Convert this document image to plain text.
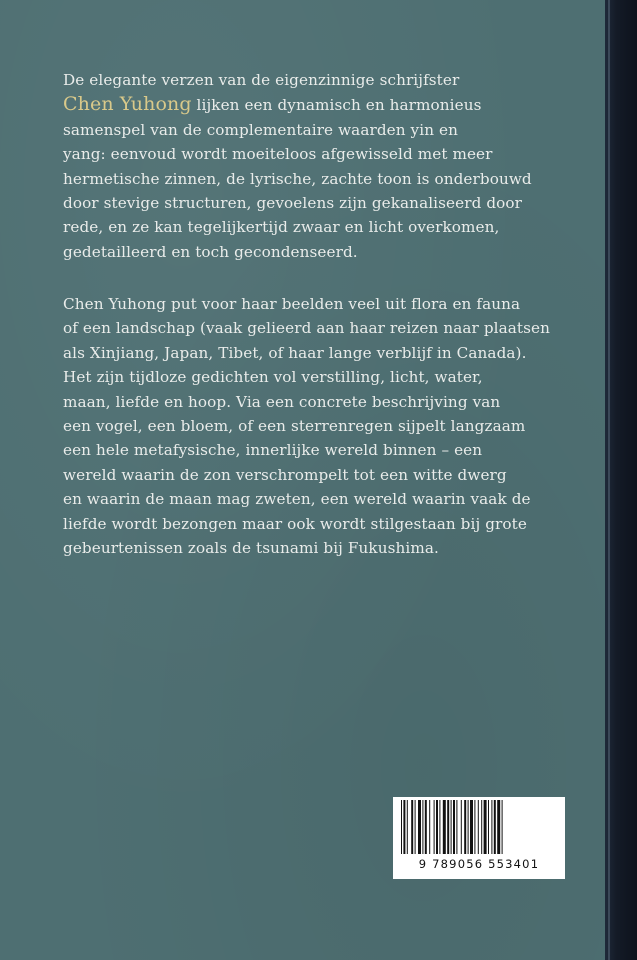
De elegante verzen van de eigenzinnige schrijfster
Chen Yuhong lijken een dynamisch en harmonieus
samenspel van de complementaire waarden yin en
yang: eenvoud wordt moeiteloos afgewisseld met meer
hermetische zinnen, de lyrische, zachte toon is onderbouwd
door stevige structuren, gevoelens zijn gekanaliseerd door
rede, en ze kan tegelijkertijd zwaar en licht overkomen,
gedetailleerd en toch gecondenseerd.
Chen Yuhong put voor haar beelden veel uit flora en fauna
of een landschap (vaak gelieerd aan haar reizen naar plaatsen
als Xinjiang, Japan, Tibet, of haar lange verblijf in Canada).
Het zijn tijdloze gedichten vol verstilling, licht, water,
maan, liefde en hoop. Via een concrete beschrijving van
een vogel, een bloem, of een sterrenregen sijpelt langzaam
een hele metafysische, innerlijke wereld binnen – een
wereld waarin de zon verschrompelt tot een witte dwerg
en waarin de maan mag zweten, een wereld waarin vaak de
liefde wordt bezongen maar ook wordt stilgestaan bij grote
gebeurtenissen zoals de tsunami bij Fukushima.
9 789056 553401
